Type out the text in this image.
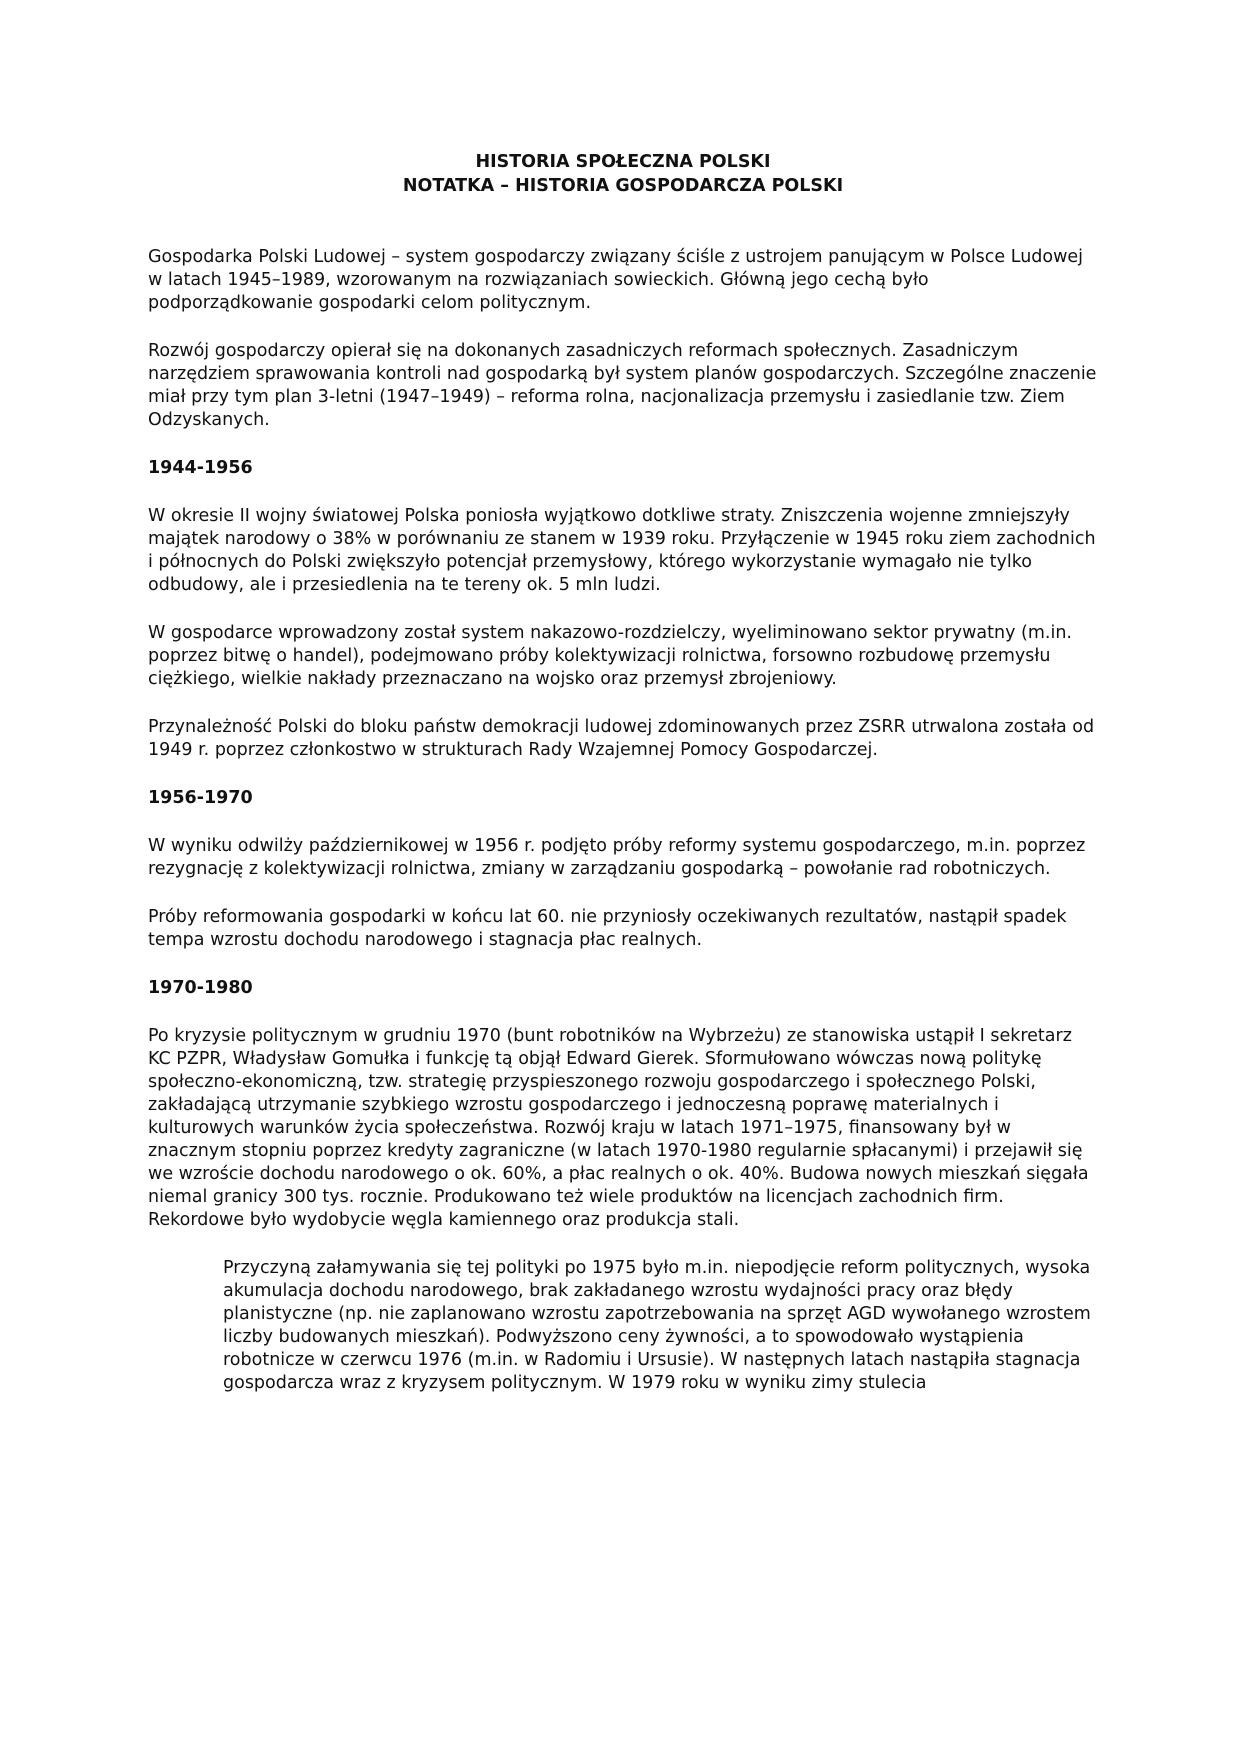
HISTORIA SPOŁECZNA POLSKI
NOTATKA – HISTORIA GOSPODARCZA POLSKI

Gospodarka Polski Ludowej – system gospodarczy związany ściśle z ustrojem panującym w Polsce Ludowej w latach 1945–1989, wzorowanym na rozwiązaniach sowieckich. Główną jego cechą było podporządkowanie gospodarki celom politycznym.

Rozwój gospodarczy opierał się na dokonanych zasadniczych reformach społecznych. Zasadniczym narzędziem sprawowania kontroli nad gospodarką był system planów gospodarczych. Szczególne znaczenie miał przy tym plan 3-letni (1947–1949) – reforma rolna, nacjonalizacja przemysłu i zasiedlanie tzw. Ziem Odzyskanych.

1944-1956

W okresie II wojny światowej Polska poniosła wyjątkowo dotkliwe straty. Zniszczenia wojenne zmniejszyły majątek narodowy o 38% w porównaniu ze stanem w 1939 roku. Przyłączenie w 1945 roku ziem zachodnich i północnych do Polski zwiększyło potencjał przemysłowy, którego wykorzystanie wymagało nie tylko odbudowy, ale i przesiedlenia na te tereny ok. 5 mln ludzi.

W gospodarce wprowadzony został system nakazowo-rozdzielczy, wyeliminowano sektor prywatny (m.in. poprzez bitwę o handel), podejmowano próby kolektywizacji rolnictwa, forsowno rozbudowę przemysłu ciężkiego, wielkie nakłady przeznaczano na wojsko oraz przemysł zbrojeniowy.

Przynależność Polski do bloku państw demokracji ludowej zdominowanych przez ZSRR utrwalona została od 1949 r. poprzez członkostwo w strukturach Rady Wzajemnej Pomocy Gospodarczej.

1956-1970

W wyniku odwilży październikowej w 1956 r. podjęto próby reformy systemu gospodarczego, m.in. poprzez rezygnację z kolektywizacji rolnictwa, zmiany w zarządzaniu gospodarką – powołanie rad robotniczych.

Próby reformowania gospodarki w końcu lat 60. nie przyniosły oczekiwanych rezultatów, nastąpił spadek tempa wzrostu dochodu narodowego i stagnacja płac realnych.

1970-1980

Po kryzysie politycznym w grudniu 1970 (bunt robotników na Wybrzeżu) ze stanowiska ustąpił I sekretarz KC PZPR, Władysław Gomułka i funkcję tą objął Edward Gierek. Sformułowano wówczas nową politykę społeczno-ekonomiczną, tzw. strategię przyspieszonego rozwoju gospodarczego i społecznego Polski, zakładającą utrzymanie szybkiego wzrostu gospodarczego i jednoczesną poprawę materialnych i kulturowych warunków życia społeczeństwa. Rozwój kraju w latach 1971–1975, finansowany był w znacznym stopniu poprzez kredyty zagraniczne (w latach 1970-1980 regularnie spłacanymi) i przejawił się we wzroście dochodu narodowego o ok. 60%, a płac realnych o ok. 40%. Budowa nowych mieszkań sięgała niemal granicy 300 tys. rocznie. Produkowano też wiele produktów na licencjach zachodnich firm. Rekordowe było wydobycie węgla kamiennego oraz produkcja stali.

Przyczyną załamywania się tej polityki po 1975 było m.in. niepodjęcie reform politycznych, wysoka akumulacja dochodu narodowego, brak zakładanego wzrostu wydajności pracy oraz błędy planistyczne (np. nie zaplanowano wzrostu zapotrzebowania na sprzęt AGD wywołanego wzrostem liczby budowanych mieszkań). Podwyższono ceny żywności, a to spowodowało wystąpienia robotnicze w czerwcu 1976 (m.in. w Radomiu i Ursusie). W następnych latach nastąpiła stagnacja gospodarcza wraz z kryzysem politycznym. W 1979 roku w wyniku zimy stulecia
